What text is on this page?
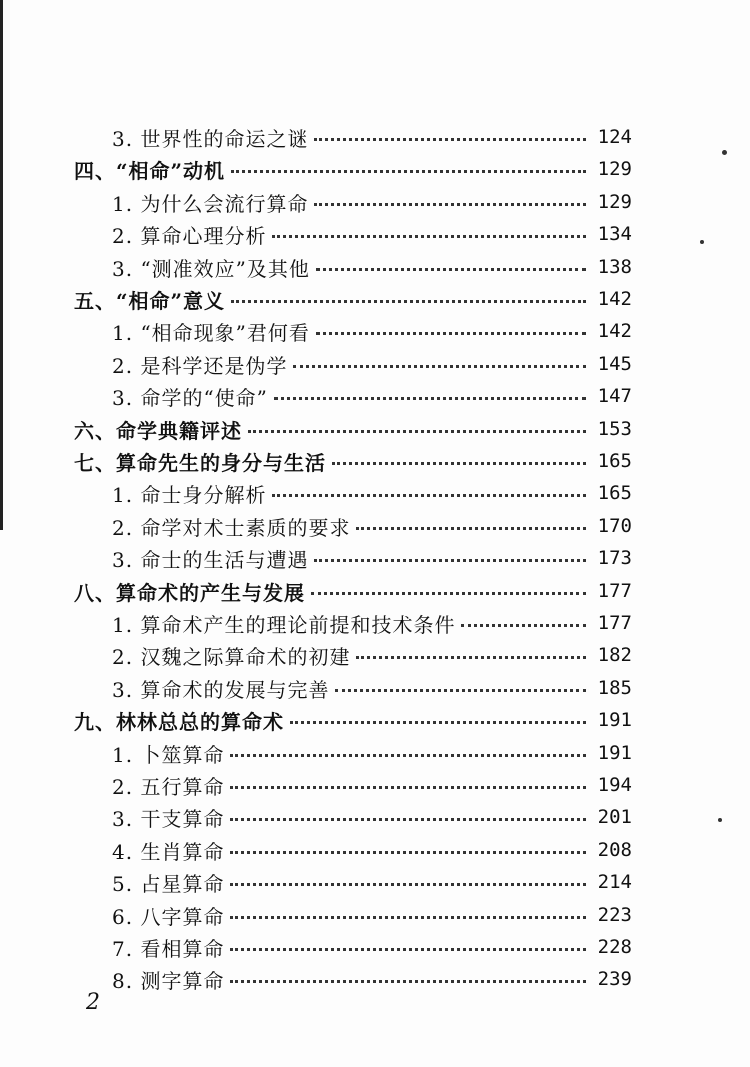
3. 世界性的命运之谜	124
四、“相命”动机	129
1. 为什么会流行算命	129
2. 算命心理分析	134
3. “测准效应”及其他	138
五、“相命”意义	142
1. “相命现象”君何看	142
2. 是科学还是伪学	145
3. 命学的“使命”	147
六、命学典籍评述	153
七、算命先生的身分与生活	165
1. 命士身分解析	165
2. 命学对术士素质的要求	170
3. 命士的生活与遭遇	173
八、算命术的产生与发展	177
1. 算命术产生的理论前提和技术条件	177
2. 汉魏之际算命术的初建	182
3. 算命术的发展与完善	185
九、林林总总的算命术	191
1. 卜筮算命	191
2. 五行算命	194
3. 干支算命	201
4. 生肖算命	208
5. 占星算命	214
6. 八字算命	223
7. 看相算命	228
8. 测字算命	239
2
